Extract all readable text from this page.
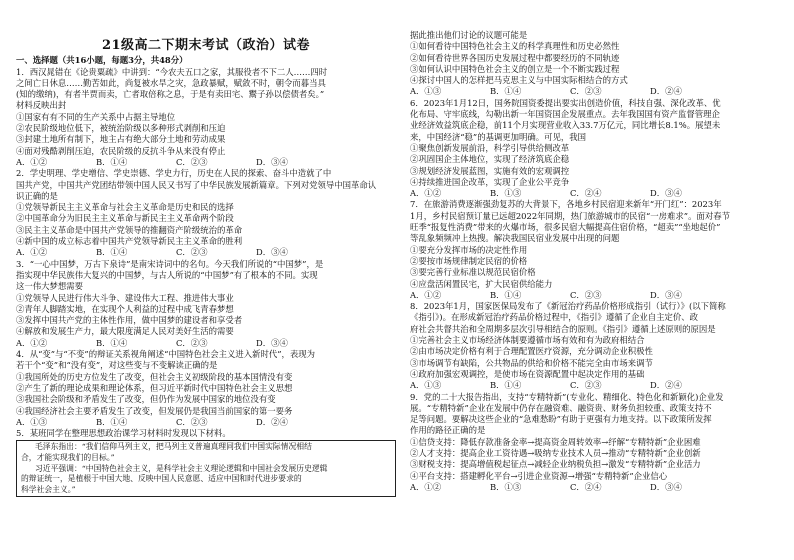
21级高二下期末考试（政治）试卷
一、选择题（共16小题，每题3分，共48分）
1．西汉晁错在《论贵粟疏》中讲到：“今农夫五口之家，其服役者不下二人……四时
之间亡日休息……勤苦如此，尚复被水旱之灾，急政暴赋，赋敛不时，朝令而暮当具
(知的缴纳)，有者半贾而卖，亡者取倍称之息，于是有卖田宅、鬻子孙以偿债者矣。”
材料反映出封
①国家有有不同的生产关系中占据主导地位
②农民阶级地位低下，被统治阶级以多种形式剥削和压迫
③封建土地所有制下，地主占有绝大部分土地和劳动成果
④面对残酷剥削压迫，农民阶级的反抗斗争从来没有停止
A．①②	B．①④	C．②③	D．③④
2．学史明理、学史增信、学史崇德、学史力行，历史在人民的探索、奋斗中造就了中
国共产党，中国共产党团结带领中国人民又书写了中华民族发展新篇章。下列对党领导中国革命认
识正确的是
①党领导新民主主义革命与社会主义革命是历史和民的选择
②中国革命分为旧民主主义革命与新民主主义革命两个阶段
③民主主义革命是中国共产党领导的推翻资产阶级统治的革命
④新中国的成立标志着中国共产党领导新民主主义革命的胜利
A．①②	B．①④	C．②③	D．③④
3．“一心中国梦，万古下泉诗”是南宋诗词中的名句。今天我们所说的“中国梦”，是
指实现中华民族伟大复兴的中国梦，与古人所说的“中国梦”有了根本的不同。实现
这一伟大梦想需要
①党领导人民进行伟大斗争、建设伟大工程、推进伟大事业
②青年人脚踏实地，在实现个人利益的过程中成飞青春梦想
③发挥中国共产党的主体性作用，做中国梦的建设者和享受者
④解放和发展生产力，最大限度满足人民对美好生活的需要
A．①②	B．①④	C．②③	D．③④
4．从“变”与“不变”的辩证关系视角阐述“中国特色社会主义进入新时代”，表现为
若干个“变”和“没有变”，对这些变与不变解读正确的是
①我国所处的历史方位发生了改变，但社会主义初级阶段的基本国情没有变
②产生了新的理论成果和理论体系，但习近平新时代中国特色社会主义思想
③我国社会阶级和矛盾发生了改变，但仍作为发展中国家的地位没有变
④我国经济社会主要矛盾发生了改变，但发展仍是我国当前国家的第一要务
A．①③	B．①④	C．②③	D．②④
5．某班同学在整理思想政治课学习材料时发现以下材料。
毛泽东指出：“我们信仰马列主义，把马列主义普遍真理同我们中国实际情况相结
合，才能实现我们的目标。”
习近平强调：“中国特色社会主义，是科学社会主义理论逻辑和中国社会发展历史逻辑
的辩证统一，是植根于中国大地、反映中国人民意愿、适应中国和时代进步要求的
科学社会主义。”
据此推出他们讨论的议题可能是
①如何看待中国特色社会主义的科学真理性和历史必然性
②如何看待世界各国历史发展过程中都要经历的不同轨迹
③如何认识中国特色社会主义的创立是一个不断实践过程
④探讨中国人的怎样把马克思主义与中国实际相结合的方式
A．①③	B．①④	C．②③	D．②④
6．2023年1月12日，国务院国资委提出要实出创造价值，科技自强、深化改革、优
化布局、守牢底线，勾勒出新一年国资国企发展重点。去年我国国有资产监督管理企
业经济效益筑底企稳，前11个月实现营业收入33.7万亿元，同比增长8.1%。展望未
来，中国经济“稳”的基调更加明确。可见，我国
①聚焦创新发展前沿，科学引导供给侧改革
②巩固国企主体地位，实现了经济筑底企稳
③规划经济发展蓝图，实施有效的宏观调控
④持续推进国企改革，实现了企业公平竞争
A．①②	B．①③	C．②④	D．③④
7．在旅游消费逐渐强劲复苏的大背景下，各地乡村民宿迎来新年“开门红”：2023年
1月，乡村民宿预订量已远超2022年同期，热门旅游城市的民宿“一房难求”。面对春节
旺季“报复性消费”带来的火爆市场，很多民宿大幅提高住宿价格，“超卖”“坐地起价”
等乱象频频冲上热搜。解决我国民宿业发展中出现的问题
①要充分发挥市场的决定性作用
②要按市场规律制定民宿的价格
③要完善行业标准以规范民宿价格
④应盘活闲置民宅，扩大民宿供给能力
A．①②	B．①④	C．②③	D．③④
8．2023年1月，国家医保局发布了《新冠治疗药品价格形成指引（试行）》(以下简称
《指引》)。在形成新冠治疗药品价格过程中，《指引》遵循了企业自主定价、政
府社会共督共治和全周期多层次引导相结合的原则。《指引》遵循上述原则的原因是
①完善社会主义市场经济体制要遵循市场有效和有为政府相结合
②由市场决定价格有利于合理配置医疗资源，充分调动企业积极性
③市场调节有缺陷，公共物品的供给和价格不能完全由市场来调节
④政府加强宏观调控，是使市场在资源配置中起决定作用的基础
A．①③	B．①④	C．②③	D．②④
9．党的二十大报告指出，支持“专精特新”(专业化、精细化、特色化和新颖化)企业发
展。“专精特新”企业在发展中仍存在融资难、融资贵、财务负担较重、政策支持不
足等问题。要解决这些企业的“急难愁盼”有助于更强有力地支持。以下政策所发挥
作用的路径正确的是
①信贷支持：降低存款准备金率→提高资金周转效率→纾解“专精特新”企业困难
②人才支持：提高企业工资待遇→吸纳专业技术人员→推动“专精特新”企业创新
③财税支持：提高增值税起征点→减轻企业纳税负担→激发“专精特新”企业活力
④平台支持：搭建孵化平台→引进企业资源→增强“专精特新”企业信心
A．①②	B．①③	C．②④	D．③④
